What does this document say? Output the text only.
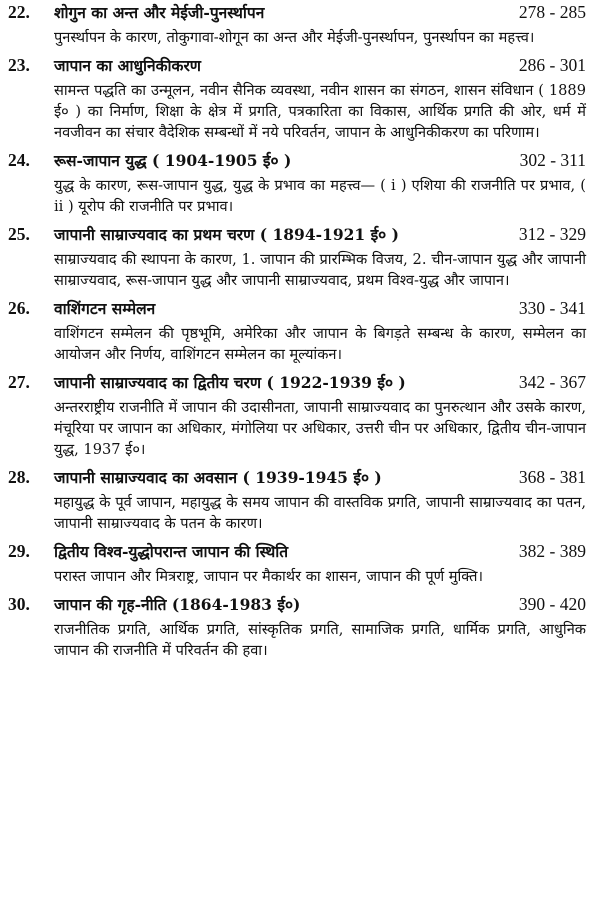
22.	शोगुन का अन्त और मेईजी-पुनर्स्थापन	278 - 285
पुनर्स्थापन के कारण, तोकुगावा-शोगून का अन्त और मेईजी-पुनर्स्थापन, पुनर्स्थापन का महत्त्व।
23.	जापान का आधुनिकीकरण	286 - 301
सामन्त पद्धति का उन्मूलन, नवीन सैनिक व्यवस्था, नवीन शासन का संगठन, शासन संविधान ( 1889 ई० ) का निर्माण, शिक्षा के क्षेत्र में प्रगति, पत्रकारिता का विकास, आर्थिक प्रगति की ओर, धर्म में नवजीवन का संचार वैदेशिक सम्बन्धों में नये परिवर्तन, जापान के आधुनिकीकरण का परिणाम।
24.	रूस-जापान युद्ध ( 1904-1905 ई० )	302 - 311
युद्ध के कारण, रूस-जापान युद्ध, युद्ध के प्रभाव का महत्त्व— ( i ) एशिया की राजनीति पर प्रभाव, ( ii ) यूरोप की राजनीति पर प्रभाव।
25.	जापानी साम्राज्यवाद का प्रथम चरण ( 1894-1921 ई० )	312 - 329
साम्राज्यवाद की स्थापना के कारण, 1. जापान की प्रारम्भिक विजय, 2. चीन-जापान युद्ध और जापानी साम्राज्यवाद, रूस-जापान युद्ध और जापानी साम्राज्यवाद, प्रथम विश्व-युद्ध और जापान।
26.	वाशिंगटन सम्मेलन	330 - 341
वाशिंगटन सम्मेलन की पृष्ठभूमि, अमेरिका और जापान के बिगड़ते सम्बन्ध के कारण, सम्मेलन का आयोजन और निर्णय, वाशिंगटन सम्मेलन का मूल्यांकन।
27.	जापानी साम्राज्यवाद का द्वितीय चरण ( 1922-1939 ई० )	342 - 367
अन्तरराष्ट्रीय राजनीति में जापान की उदासीनता, जापानी साम्राज्यवाद का पुनरुत्थान और उसके कारण, मंचूरिया पर जापान का अधिकार, मंगोलिया पर अधिकार, उत्तरी चीन पर अधिकार, द्वितीय चीन-जापान युद्ध, 1937 ई०।
28.	जापानी साम्राज्यवाद का अवसान ( 1939-1945 ई० )	368 - 381
महायुद्ध के पूर्व जापान, महायुद्ध के समय जापान की वास्तविक प्रगति, जापानी साम्राज्यवाद का पतन, जापानी साम्राज्यवाद के पतन के कारण।
29.	द्वितीय विश्व-युद्धोपरान्त जापान की स्थिति	382 - 389
परास्त जापान और मित्रराष्ट्र, जापान पर मैकार्थर का शासन, जापान की पूर्ण मुक्ति।
30.	जापान की गृह-नीति (1864-1983 ई०)	390 - 420
राजनीतिक प्रगति, आर्थिक प्रगति, सांस्कृतिक प्रगति, सामाजिक प्रगति, धार्मिक प्रगति, आधुनिक जापान की राजनीति में परिवर्तन की हवा।
